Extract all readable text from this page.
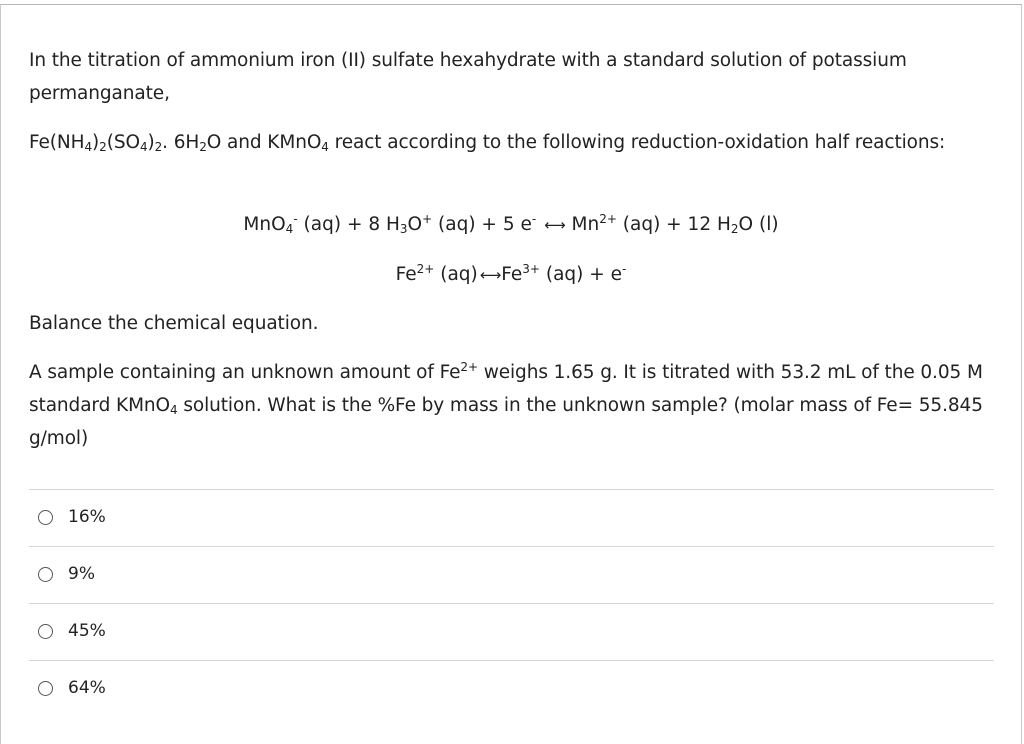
In the titration of ammonium iron (II) sulfate hexahydrate with a standard solution of potassium permanganate,

$Fe(NH_4)_2(SO_4)_2$. $6H_2O$ and KMnO$_4$ react according to the following reduction-oxidation half reactions:

MnO$_4$- (aq) + 8 $H_3O^+$ (aq) + 5 e- ⟷ $Mn^{2+}$ (aq) + 12 $H_2O$ (l)

$Fe^{2+}$ (aq) ⟷ $Fe^{3+}$ (aq) + e-

Balance the chemical equation.

A sample containing an unknown amount of $Fe^{2+}$ weighs 1.65 g. It is titrated with 53.2 mL of the 0.05 M standard KMnO$_4$ solution. What is the %Fe by mass in the unknown sample? (molar mass of Fe= 55.845 g/mol)

16%
9%
45%
64%
